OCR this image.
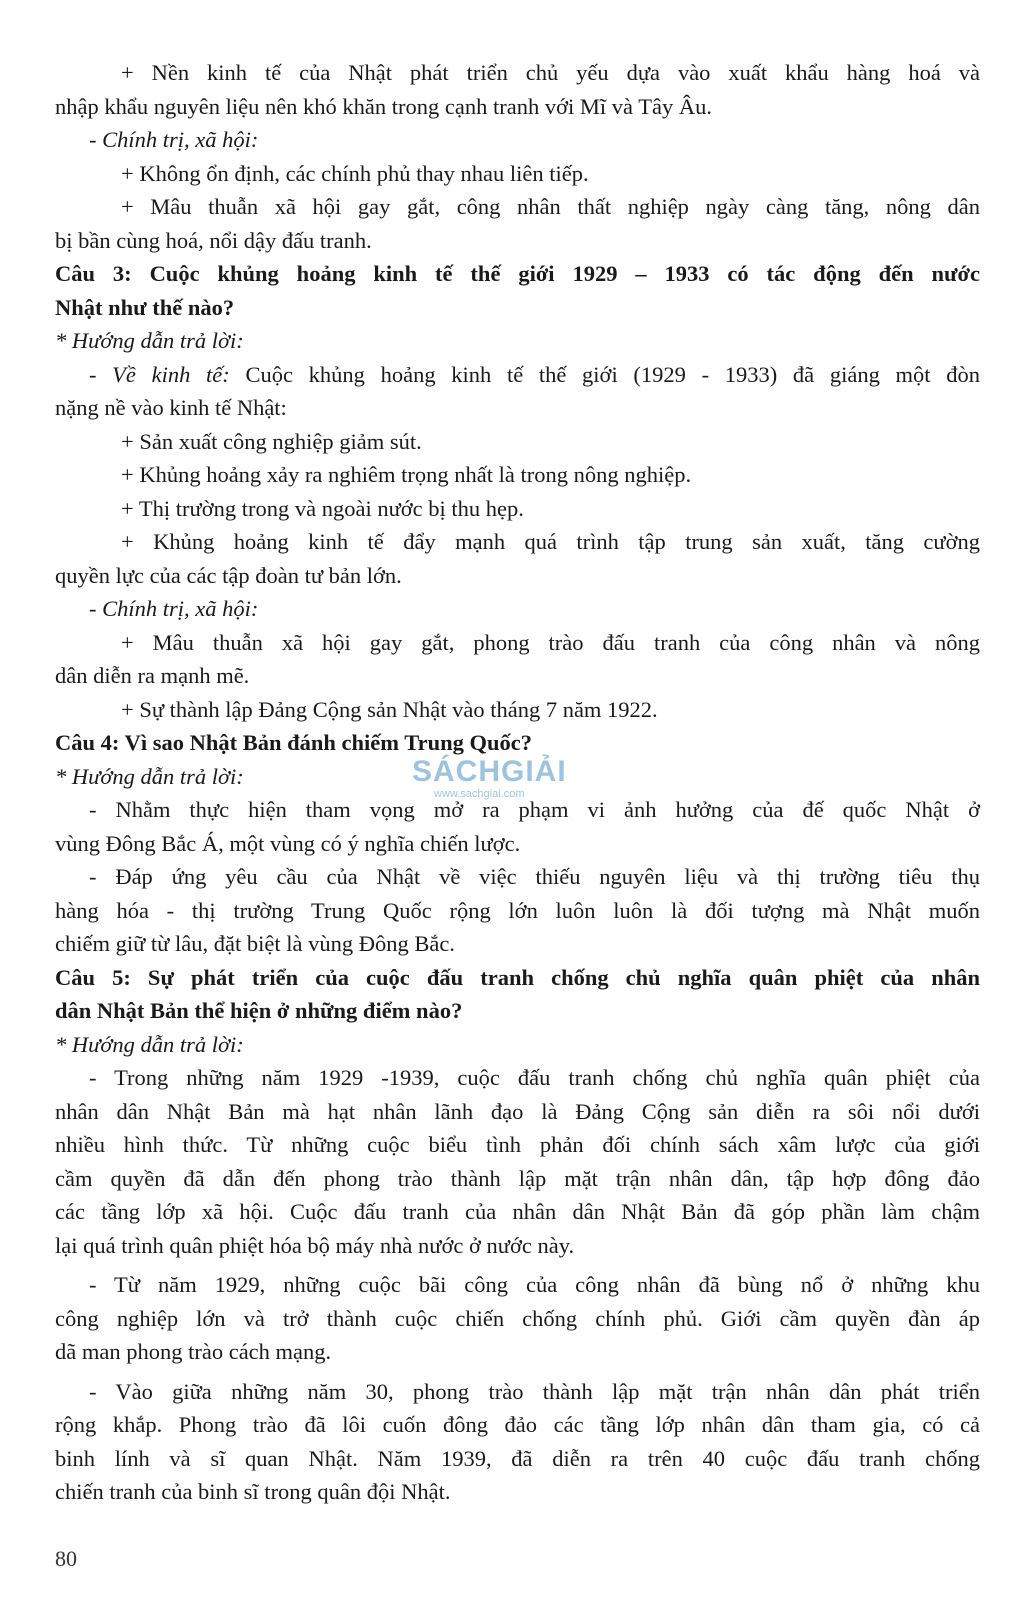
+ Nền kinh tế của Nhật phát triển chủ yếu dựa vào xuất khẩu hàng hoá và

nhập khẩu nguyên liệu nên khó khăn trong cạnh tranh với Mĩ và Tây Âu.

- Chính trị, xã hội:

+ Không ổn định, các chính phủ thay nhau liên tiếp.

+ Mâu thuẫn xã hội gay gắt, công nhân thất nghiệp ngày càng tăng, nông dân

bị bần cùng hoá, nổi dậy đấu tranh.

Câu 3: Cuộc khủng hoảng kinh tế thế giới 1929 – 1933 có tác động đến nước

Nhật như thế nào?

* Hướng dẫn trả lời:

- Về kinh tế: Cuộc khủng hoảng kinh tế thế giới (1929 - 1933) đã giáng một đòn

nặng nề vào kinh tế Nhật:

+ Sản xuất công nghiệp giảm sút.

+ Khủng hoảng xảy ra nghiêm trọng nhất là trong nông nghiệp.

+ Thị trường trong và ngoài nước bị thu hẹp.

+ Khủng hoảng kinh tế đẩy mạnh quá trình tập trung sản xuất, tăng cường

quyền lực của các tập đoàn tư bản lớn.

- Chính trị, xã hội:

+ Mâu thuẫn xã hội gay gắt, phong trào đấu tranh của công nhân và nông

dân diễn ra mạnh mẽ.

+ Sự thành lập Đảng Cộng sản Nhật vào tháng 7 năm 1922.

Câu 4: Vì sao Nhật Bản đánh chiếm Trung Quốc?

* Hướng dẫn trả lời:

- Nhằm thực hiện tham vọng mở ra phạm vi ảnh hưởng của đế quốc Nhật ở

vùng Đông Bắc Á, một vùng có ý nghĩa chiến lược.

- Đáp ứng yêu cầu của Nhật về việc thiếu nguyên liệu và thị trường tiêu thụ

hàng hóa - thị trường Trung Quốc rộng lớn luôn luôn là đối tượng mà Nhật muốn

chiếm giữ từ lâu, đặt biệt là vùng Đông Bắc.

Câu 5: Sự phát triển của cuộc đấu tranh chống chủ nghĩa quân phiệt của nhân

dân Nhật Bản thể hiện ở những điểm nào?

* Hướng dẫn trả lời:

- Trong những năm 1929 -1939, cuộc đấu tranh chống chủ nghĩa quân phiệt của

nhân dân Nhật Bản mà hạt nhân lãnh đạo là Đảng Cộng sản diễn ra sôi nổi dưới

nhiều hình thức. Từ những cuộc biểu tình phản đối chính sách xâm lược của giới

cầm quyền đã dẫn đến phong trào thành lập mặt trận nhân dân, tập hợp đông đảo

các tầng lớp xã hội. Cuộc đấu tranh của nhân dân Nhật Bản đã góp phần làm chậm

lại quá trình quân phiệt hóa bộ máy nhà nước ở nước này.

- Từ năm 1929, những cuộc bãi công của công nhân đã bùng nổ ở những khu

công nghiệp lớn và trở thành cuộc chiến chống chính phủ. Giới cầm quyền đàn áp

dã man phong trào cách mạng.

- Vào giữa những năm 30, phong trào thành lập mặt trận nhân dân phát triển

rộng khắp. Phong trào đã lôi cuốn đông đảo các tầng lớp nhân dân tham gia, có cả

binh lính và sĩ quan Nhật. Năm 1939, đã diễn ra trên 40 cuộc đấu tranh chống

chiến tranh của binh sĩ trong quân đội Nhật.

SÁCHGIẢI
www.sachgiai.com
80
